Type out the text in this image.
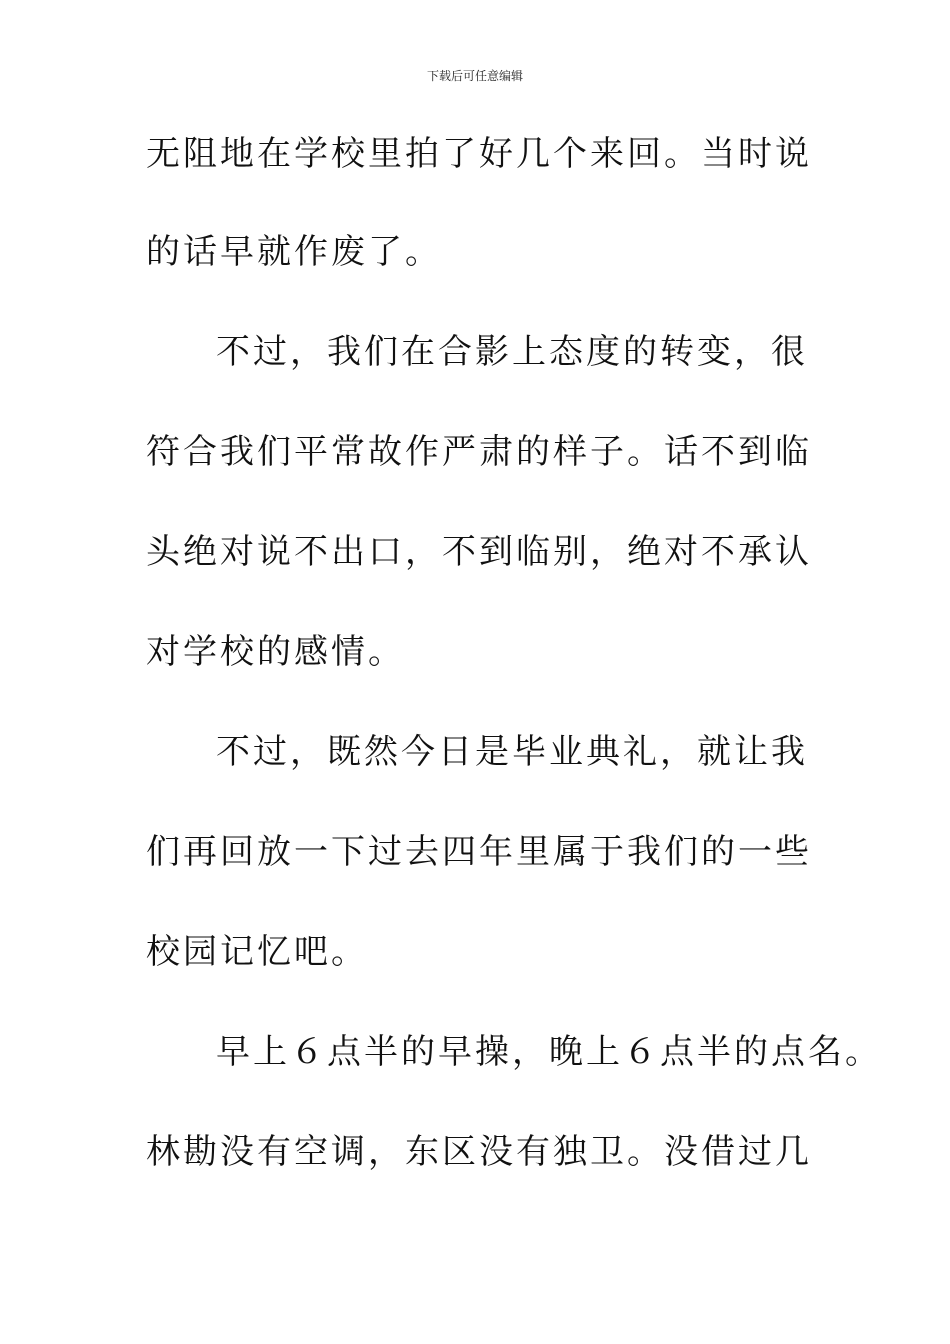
下载后可任意编辑
无阻地在学校里拍了好几个来回。当时说
的话早就作废了。
不过，我们在合影上态度的转变，很
符合我们平常故作严肃的样子。话不到临
头绝对说不出口，不到临别，绝对不承认
对学校的感情。
不过，既然今日是毕业典礼，就让我
们再回放一下过去四年里属于我们的一些
校园记忆吧。
早上６点半的早操，晚上６点半的点名。
林勘没有空调，东区没有独卫。没借过几
